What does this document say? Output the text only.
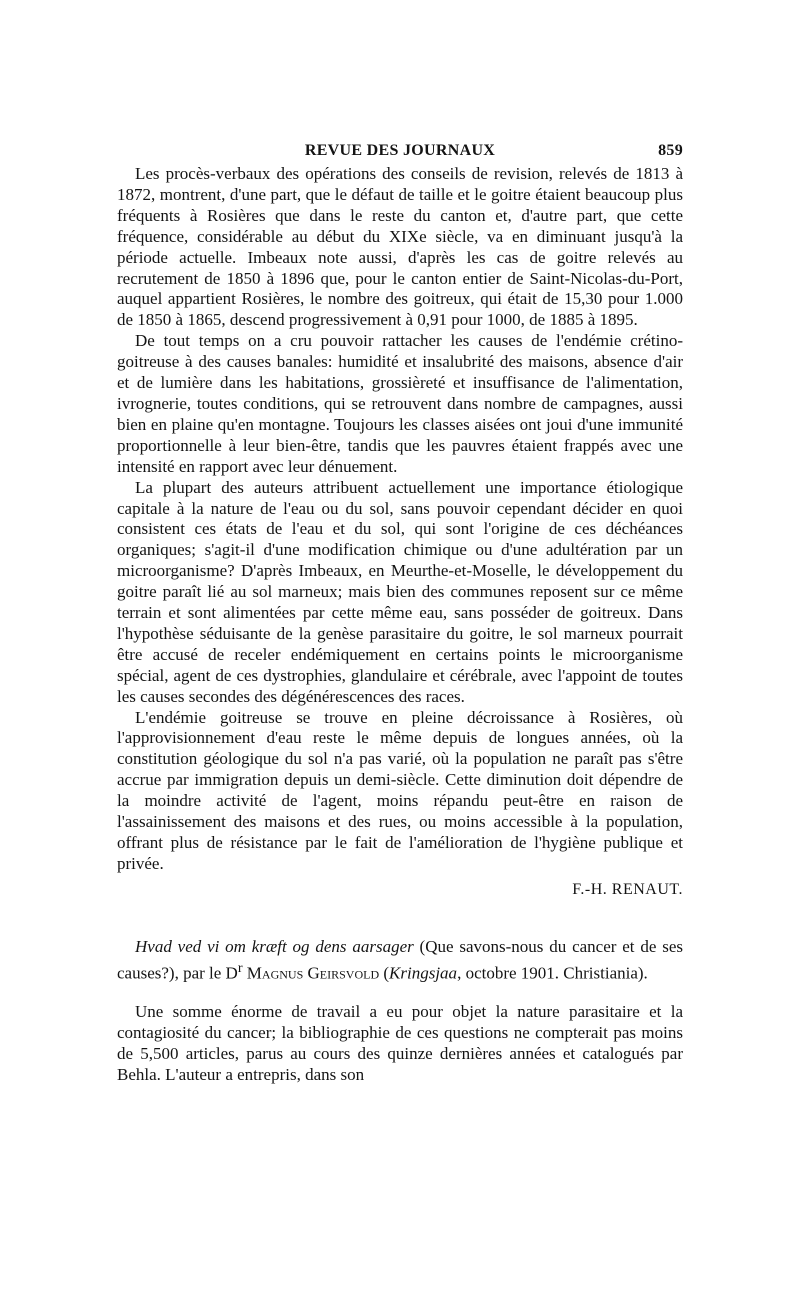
REVUE DES JOURNAUX	859

Les procès-verbaux des opérations des conseils de revision, relevés de 1813 à 1872, montrent, d'une part, que le défaut de taille et le goitre étaient beaucoup plus fréquents à Rosières que dans le reste du canton et, d'autre part, que cette fréquence, considérable au début du XIXe siècle, va en diminuant jusqu'à la période actuelle. Imbeaux note aussi, d'après les cas de goitre relevés au recrutement de 1850 à 1896 que, pour le canton entier de Saint-Nicolas-du-Port, auquel appartient Rosières, le nombre des goitreux, qui était de 15,30 pour 1.000 de 1850 à 1865, descend progressivement à 0,91 pour 1000, de 1885 à 1895.

De tout temps on a cru pouvoir rattacher les causes de l'endémie crétino-goitreuse à des causes banales: humidité et insalubrité des maisons, absence d'air et de lumière dans les habitations, grossièreté et insuffisance de l'alimentation, ivrognerie, toutes conditions, qui se retrouvent dans nombre de campagnes, aussi bien en plaine qu'en montagne. Toujours les classes aisées ont joui d'une immunité proportionnelle à leur bien-être, tandis que les pauvres étaient frappés avec une intensité en rapport avec leur dénuement.

La plupart des auteurs attribuent actuellement une importance étiologique capitale à la nature de l'eau ou du sol, sans pouvoir cependant décider en quoi consistent ces états de l'eau et du sol, qui sont l'origine de ces déchéances organiques; s'agit-il d'une modification chimique ou d'une adultération par un microorganisme? D'après Imbeaux, en Meurthe-et-Moselle, le développement du goitre paraît lié au sol marneux; mais bien des communes reposent sur ce même terrain et sont alimentées par cette même eau, sans posséder de goitreux. Dans l'hypothèse séduisante de la genèse parasitaire du goitre, le sol marneux pourrait être accusé de receler endémiquement en certains points le microorganisme spécial, agent de ces dystrophies, glandulaire et cérébrale, avec l'appoint de toutes les causes secondes des dégénérescences des races.

L'endémie goitreuse se trouve en pleine décroissance à Rosières, où l'approvisionnement d'eau reste le même depuis de longues années, où la constitution géologique du sol n'a pas varié, où la population ne paraît pas s'être accrue par immigration depuis un demi-siècle. Cette diminution doit dépendre de la moindre activité de l'agent, moins répandu peut-être en raison de l'assainissement des maisons et des rues, ou moins accessible à la population, offrant plus de résistance par le fait de l'amélioration de l'hygiène publique et privée.

F.-H. RENAUT.

Hvad ved vi om kræft og dens aarsager (Que savons-nous du cancer et de ses causes?), par le $D^r$ Magnus Geirsvold (Kringsjaa, octobre 1901. Christiania).

Une somme énorme de travail a eu pour objet la nature parasitaire et la contagiosité du cancer; la bibliographie de ces questions ne compterait pas moins de 5,500 articles, parus au cours des quinze dernières années et catalogués par Behla. L'auteur a entrepris, dans son
